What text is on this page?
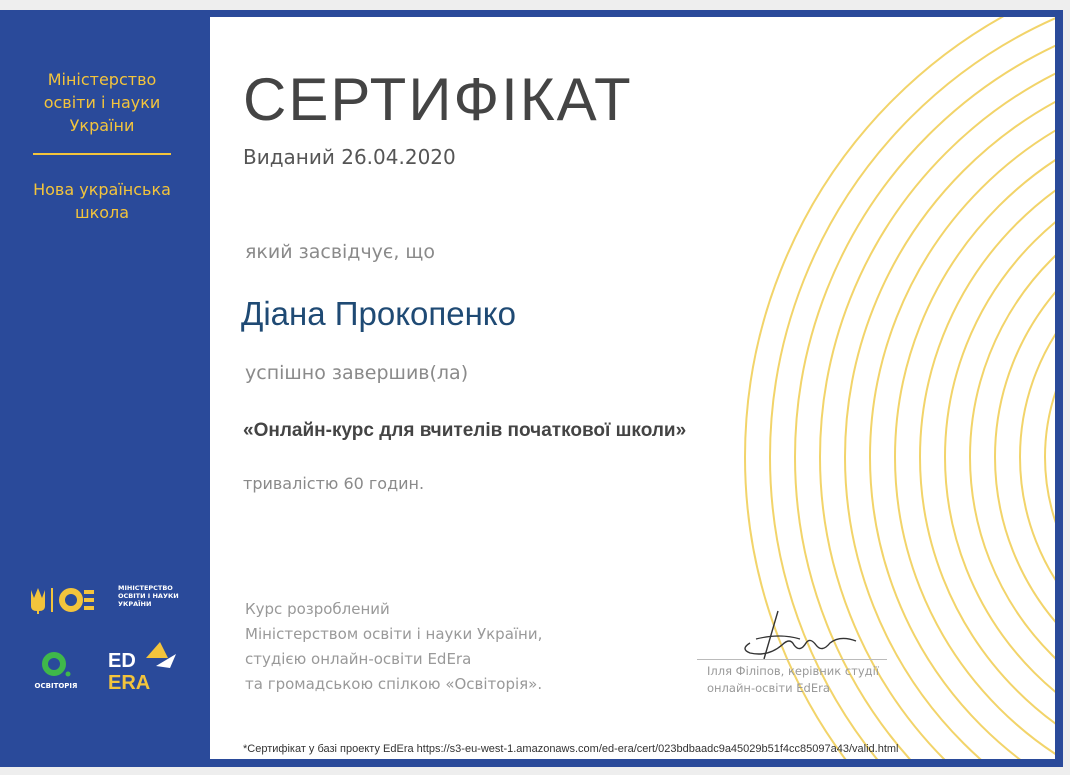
Міністерство
освіти і науки
України
Нова українська
школа
МІНІСТЕРСТВО
ОСВІТИ І НАУКИ
УКРАЇНИ
ОСВІТОРІЯ
ED
ERA
СЕРТИФІКАТ
Виданий 26.04.2020
який засвідчує, що
Діана Прокопенко
успішно завершив(ла)
«Онлайн-курс для вчителів початкової школи»
тривалістю 60 годин.
Курс розроблений
Міністерством освіти і науки України,
студією онлайн-освіти EdEra
та громадською спілкою «Освіторія».
Ілля Філіпов, керівник студії
онлайн-освіти EdEra
*Сертифікат у базі проекту EdEra https://s3-eu-west-1.amazonaws.com/ed-era/cert/023bdbaadc9a45029b51f4cc85097a43/valid.html
